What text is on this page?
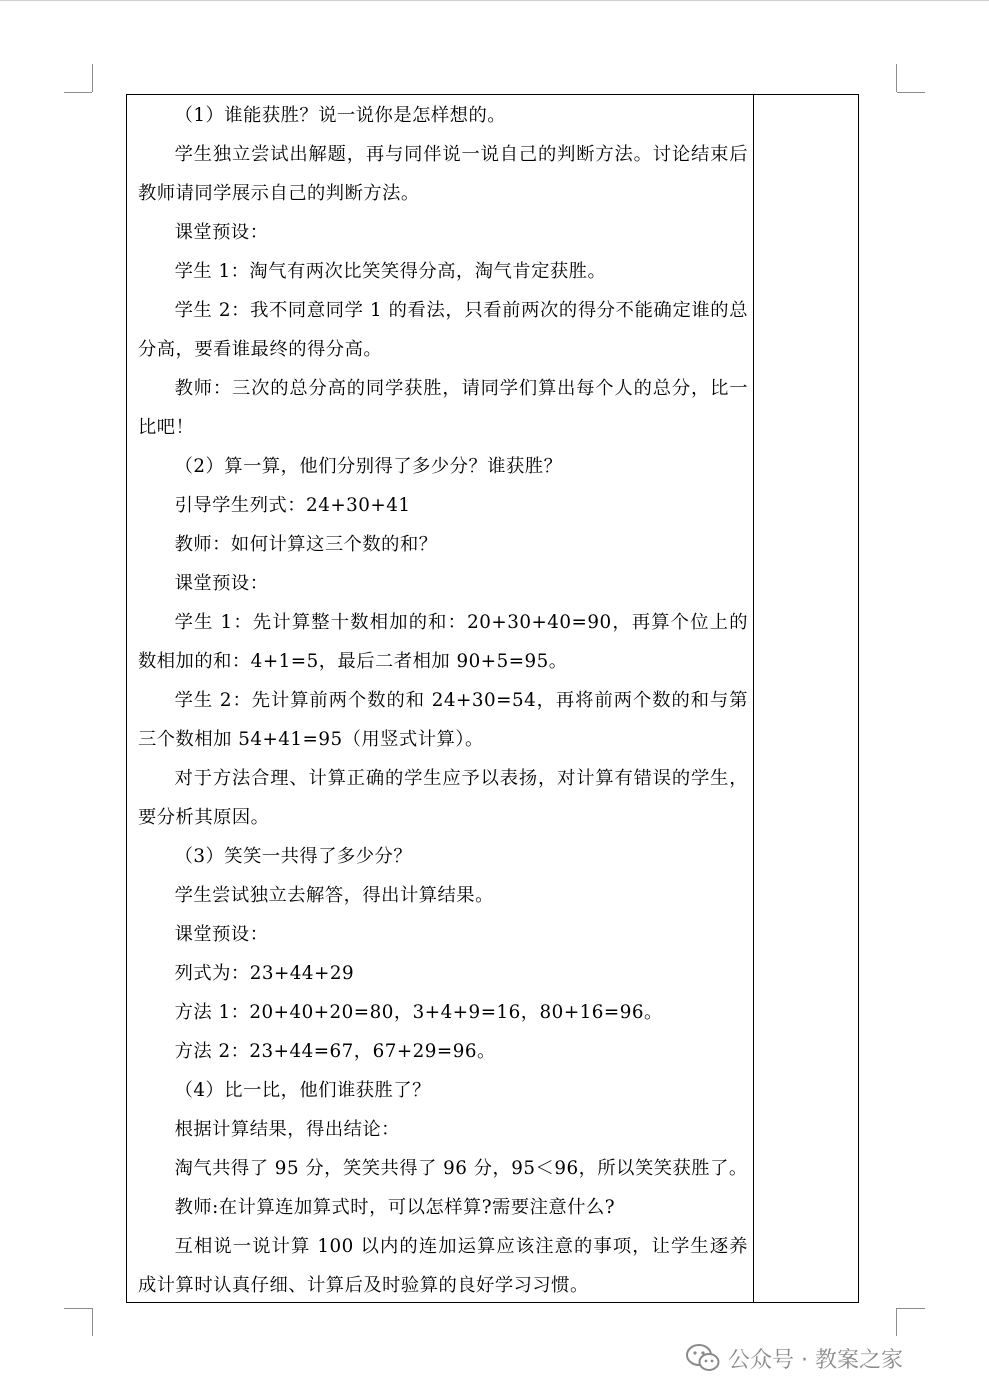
（1）谁能获胜？说一说你是怎样想的。

学生独立尝试出解题，再与同伴说一说自己的判断方法。讨论结束后教师请同学展示自己的判断方法。

课堂预设：

学生 1：淘气有两次比笑笑得分高，淘气肯定获胜。

学生 2：我不同意同学 1 的看法，只看前两次的得分不能确定谁的总分高，要看谁最终的得分高。

教师：三次的总分高的同学获胜，请同学们算出每个人的总分，比一比吧！

（2）算一算，他们分别得了多少分？谁获胜？

引导学生列式：24+30+41

教师：如何计算这三个数的和？

课堂预设：

学生 1：先计算整十数相加的和：20+30+40=90，再算个位上的数相加的和：4+1=5，最后二者相加 90+5=95。

学生 2：先计算前两个数的和 24+30=54，再将前两个数的和与第三个数相加 54+41=95（用竖式计算）。

对于方法合理、计算正确的学生应予以表扬，对计算有错误的学生，要分析其原因。

（3）笑笑一共得了多少分？

学生尝试独立去解答，得出计算结果。

课堂预设：

列式为：23+44+29

方法 1：20+40+20=80，3+4+9=16，80+16=96。

方法 2：23+44=67，67+29=96。

（4）比一比，他们谁获胜了？

根据计算结果，得出结论：

淘气共得了 95 分，笑笑共得了 96 分，95＜96，所以笑笑获胜了。

教师:在计算连加算式时，可以怎样算?需要注意什么?

互相说一说计算 100 以内的连加运算应该注意的事项，让学生逐养成计算时认真仔细、计算后及时验算的良好学习习惯。

公众号 · 教案之家
